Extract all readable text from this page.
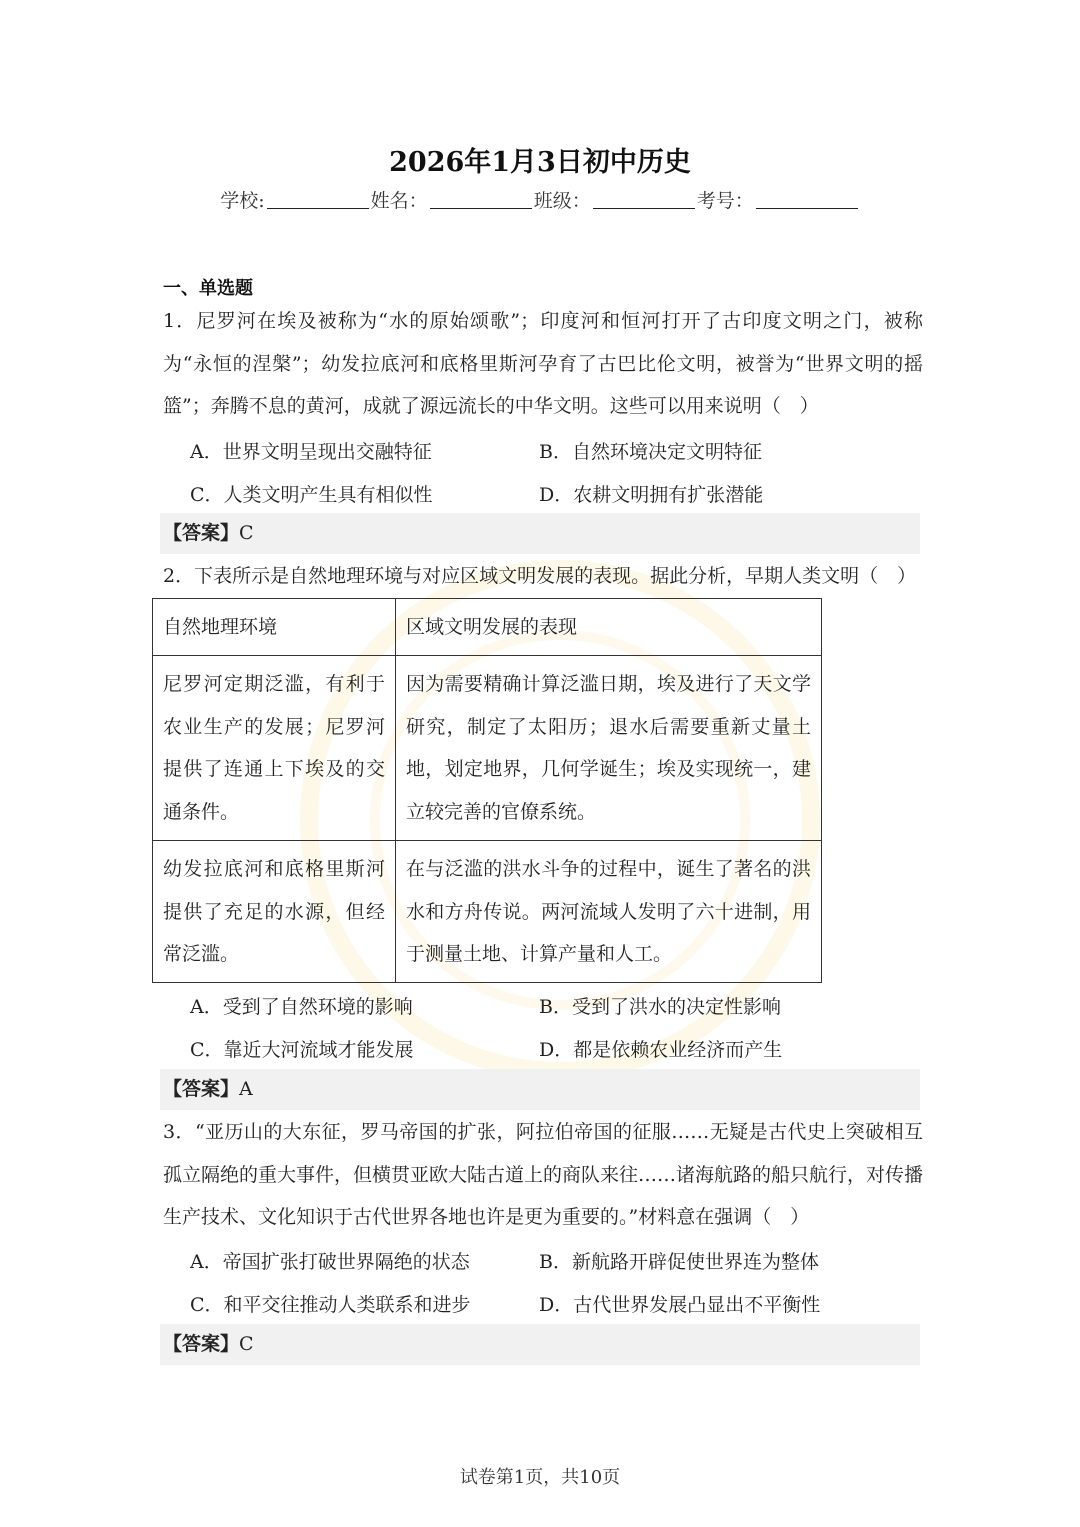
2026年1月3日初中历史
学校:	姓名：	班级：	考号：
一、单选题
1．尼罗河在埃及被称为“水的原始颂歌”；印度河和恒河打开了古印度文明之门，被称为“永恒的涅槃”；幼发拉底河和底格里斯河孕育了古巴比伦文明，被誉为“世界文明的摇篮”；奔腾不息的黄河，成就了源远流长的中华文明。这些可以用来说明（　）
A．世界文明呈现出交融特征	B．自然环境决定文明特征
C．人类文明产生具有相似性	D．农耕文明拥有扩张潜能
【答案】C
2．下表所示是自然地理环境与对应区域文明发展的表现。据此分析，早期人类文明（　）
自然地理环境	区域文明发展的表现
尼罗河定期泛滥，有利于农业生产的发展；尼罗河提供了连通上下埃及的交通条件。	因为需要精确计算泛滥日期，埃及进行了天文学研究，制定了太阳历；退水后需要重新丈量土地，划定地界，几何学诞生；埃及实现统一，建立较完善的官僚系统。
幼发拉底河和底格里斯河提供了充足的水源，但经常泛滥。	在与泛滥的洪水斗争的过程中，诞生了著名的洪水和方舟传说。两河流域人发明了六十进制，用于测量土地、计算产量和人工。
A．受到了自然环境的影响	B．受到了洪水的决定性影响
C．靠近大河流域才能发展	D．都是依赖农业经济而产生
【答案】A
3．“亚历山的大东征，罗马帝国的扩张，阿拉伯帝国的征服……无疑是古代史上突破相互孤立隔绝的重大事件，但横贯亚欧大陆古道上的商队来往……诸海航路的船只航行，对传播生产技术、文化知识于古代世界各地也许是更为重要的。”材料意在强调（　）
A．帝国扩张打破世界隔绝的状态	B．新航路开辟促使世界连为整体
C．和平交往推动人类联系和进步	D．古代世界发展凸显出不平衡性
【答案】C
试卷第1页，共10页
